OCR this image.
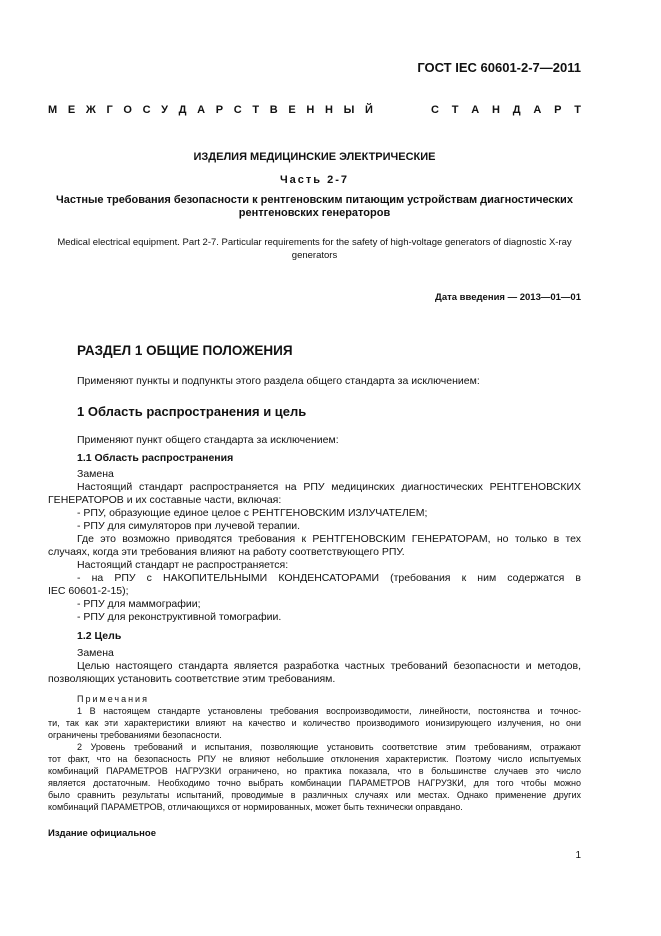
ГОСТ IEC 60601-2-7—2011
М Е Ж Г О С У Д А Р С Т В Е Н Н Ы Й	С Т А Н Д А Р Т
ИЗДЕЛИЯ МЕДИЦИНСКИЕ ЭЛЕКТРИЧЕСКИЕ
Часть 2-7
Частные требования безопасности к рентгеновским питающим устройствам диагностических рентгеновских генераторов
Medical electrical equipment. Part 2-7. Particular requirements for the safety of high-voltage generators of diagnostic X-ray generators
Дата введения — 2013—01—01
РАЗДЕЛ 1 ОБЩИЕ ПОЛОЖЕНИЯ
Применяют пункты и подпункты этого раздела общего стандарта за исключением:
1 Область распространения и цель
Применяют пункт общего стандарта за исключением:
1.1 Область распространения
Замена
Настоящий стандарт распространяется на РПУ медицинских диагностических РЕНТГЕНОВСКИХ
ГЕНЕРАТОРОВ и их составные части, включая:
- РПУ, образующие единое целое с РЕНТГЕНОВСКИМ ИЗЛУЧАТЕЛЕМ;
- РПУ для симуляторов при лучевой терапии.
Где это возможно приводятся требования к РЕНТГЕНОВСКИМ ГЕНЕРАТОРАМ, но только в тех
случаях, когда эти требования влияют на работу соответствующего РПУ.
Настоящий стандарт не распространяется:
- на РПУ с НАКОПИТЕЛЬНЫМИ КОНДЕНСАТОРАМИ (требования к ним содержатся в
IEC 60601-2-15);
- РПУ для маммографии;
- РПУ для реконструктивной томографии.
1.2 Цель
Замена
Целью настоящего стандарта является разработка частных требований безопасности и методов,
позволяющих установить соответствие этим требованиям.
Примечания
1 В настоящем стандарте установлены требования воспроизводимости, линейности, постоянства и точнос-
ти, так как эти характеристики влияют на качество и количество производимого ионизирующего излучения, но они
ограничены требованиями безопасности.
2 Уровень требований и испытания, позволяющие установить соответствие этим требованиям, отражают
тот факт, что на безопасность РПУ не влияют небольшие отклонения характеристик. Поэтому число испытуемых
комбинаций ПАРАМЕТРОВ НАГРУЗКИ ограничено, но практика показала, что в большинстве случаев это число
является достаточным. Необходимо точно выбрать комбинации ПАРАМЕТРОВ НАГРУЗКИ, для того чтобы можно
было сравнить результаты испытаний, проводимые в различных случаях или местах. Однако применение других
комбинаций ПАРАМЕТРОВ, отличающихся от нормированных, может быть технически оправдано.
Издание официальное
1
